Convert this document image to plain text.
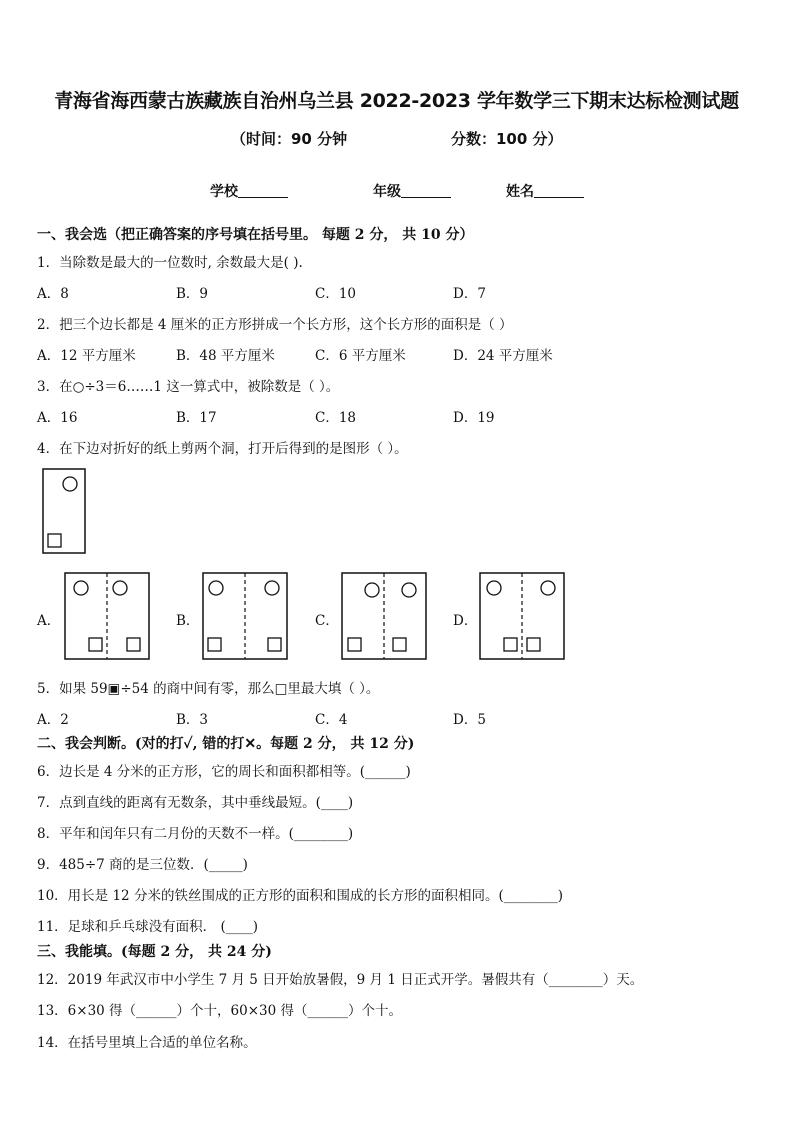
青海省海西蒙古族藏族自治州乌兰县 2022-2023 学年数学三下期末达标检测试题
（时间：90 分钟	分数：100 分）
学校	年级	姓名
一、我会选（把正确答案的序号填在括号里。 每题 2 分， 共 10 分）
1．当除数是最大的一位数时, 余数最大是( ).
A．8	B．9	C．10	D．7
2．把三个边长都是 4 厘米的正方形拼成一个长方形，这个长方形的面积是（ ）
A．12 平方厘米	B．48 平方厘米	C．6 平方厘米	D．24 平方厘米
3．在○÷3＝6……1 这一算式中，被除数是（ ）。
A．16	B．17	C．18	D．19
4．在下边对折好的纸上剪两个洞，打开后得到的是图形（ ）。
A．	B．	C．	D．
5．如果 59▣÷54 的商中间有零，那么□里最大填（ ）。
A．2	B．3	C．4	D．5
二、我会判断。(对的打✓, 错的打✕。每题 2 分， 共 12 分)
6．边长是 4 分米的正方形，它的周长和面积都相等。(______)
7．点到直线的距离有无数条，其中垂线最短。(____)
8．平年和闰年只有二月份的天数不一样。(________)
9．485÷7 商的是三位数．(_____)
10．用长是 12 分米的铁丝围成的正方形的面积和围成的长方形的面积相同。(________)
11．足球和乒乓球没有面积． (____)
三、我能填。(每题 2 分， 共 24 分)
12．2019 年武汉市中小学生 7 月 5 日开始放暑假，9 月 1 日正式开学。暑假共有（________）天。
13．6×30 得（______）个十，60×30 得（______）个十。
14．在括号里填上合适的单位名称。
